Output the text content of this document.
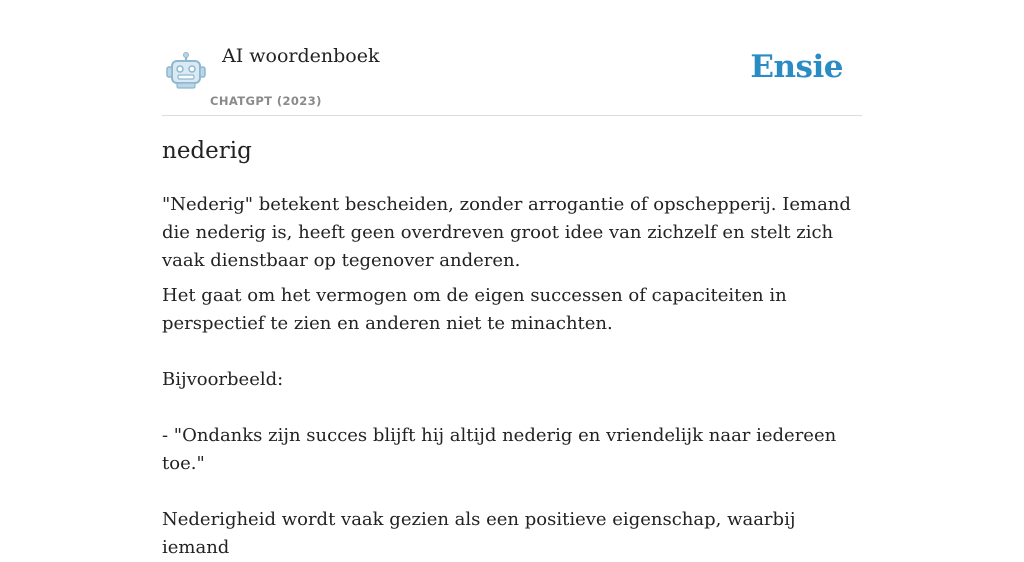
AI woordenboek
CHATGPT (2023)
Ensie
nederig

"Nederig" betekent bescheiden, zonder arrogantie of opschepperij. Iemand die nederig is, heeft geen overdreven groot idee van zichzelf en stelt zich vaak dienstbaar op tegenover anderen.

Het gaat om het vermogen om de eigen successen of capaciteiten in perspectief te zien en anderen niet te minachten.

Bijvoorbeeld:

- "Ondanks zijn succes blijft hij altijd nederig en vriendelijk naar iedereen toe."

Nederigheid wordt vaak gezien als een positieve eigenschap, waarbij iemand
